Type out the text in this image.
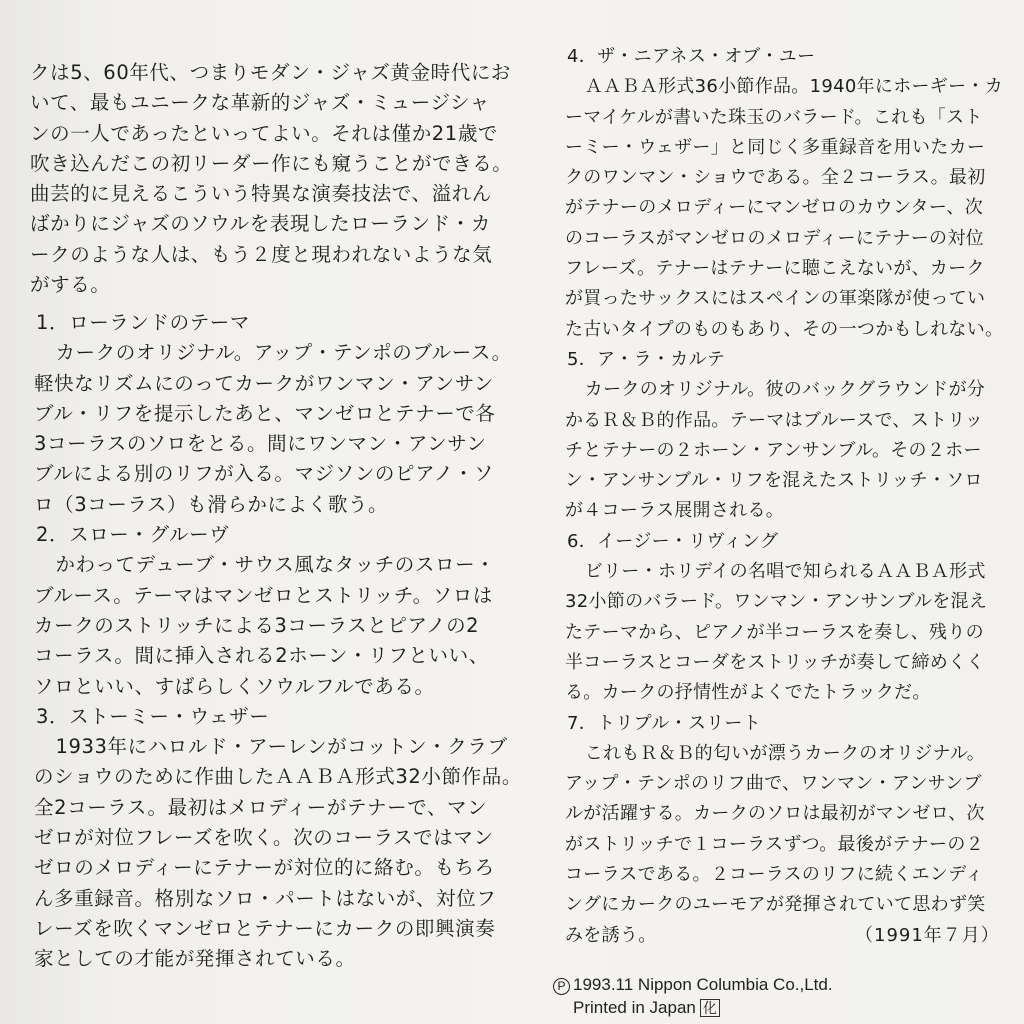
クは5、60年代、つまりモダン・ジャズ黄金時代にお
いて、最もユニークな革新的ジャズ・ミュージシャ
ンの一人であったといってよい。それは僅か21歳で
吹き込んだこの初リーダー作にも窺うことができる。
曲芸的に見えるこういう特異な演奏技法で、溢れん
ばかりにジャズのソウルを表現したローランド・カ
ークのような人は、もう２度と現われないような気
がする。
1．ローランドのテーマ
カークのオリジナル。アップ・テンポのブルース。
軽快なリズムにのってカークがワンマン・アンサン
ブル・リフを提示したあと、マンゼロとテナーで各
3コーラスのソロをとる。間にワンマン・アンサン
ブルによる別のリフが入る。マジソンのピアノ・ソ
ロ（3コーラス）も滑らかによく歌う。
2．スロー・グルーヴ
かわってデューブ・サウス風なタッチのスロー・
ブルース。テーマはマンゼロとストリッチ。ソロは
カークのストリッチによる3コーラスとピアノの2
コーラス。間に挿入される2ホーン・リフといい、
ソロといい、すばらしくソウルフルである。
3．ストーミー・ウェザー
1933年にハロルド・アーレンがコットン・クラブ
のショウのために作曲したＡＡＢＡ形式32小節作品。
全2コーラス。最初はメロディーがテナーで、マン
ゼロが対位フレーズを吹く。次のコーラスではマン
ゼロのメロディーにテナーが対位的に絡む。もちろ
ん多重録音。格別なソロ・パートはないが、対位フ
レーズを吹くマンゼロとテナーにカークの即興演奏
家としての才能が発揮されている。
4．ザ・ニアネス・オブ・ユー
ＡＡＢＡ形式36小節作品。1940年にホーギー・カ
ーマイケルが書いた珠玉のバラード。これも「スト
ーミー・ウェザー」と同じく多重録音を用いたカー
クのワンマン・ショウである。全２コーラス。最初
がテナーのメロディーにマンゼロのカウンター、次
のコーラスがマンゼロのメロディーにテナーの対位
フレーズ。テナーはテナーに聴こえないが、カーク
が買ったサックスにはスペインの軍楽隊が使ってい
た古いタイプのものもあり、その一つかもしれない。
5．ア・ラ・カルテ
カークのオリジナル。彼のバックグラウンドが分
かるＲ＆Ｂ的作品。テーマはブルースで、ストリッ
チとテナーの２ホーン・アンサンブル。その２ホー
ン・アンサンブル・リフを混えたストリッチ・ソロ
が４コーラス展開される。
6．イージー・リヴィング
ビリー・ホリデイの名唱で知られるＡＡＢＡ形式
32小節のバラード。ワンマン・アンサンブルを混え
たテーマから、ピアノが半コーラスを奏し、残りの
半コーラスとコーダをストリッチが奏して締めくく
る。カークの抒情性がよくでたトラックだ。
7．トリプル・スリート
これもＲ＆Ｂ的匂いが漂うカークのオリジナル。
アップ・テンポのリフ曲で、ワンマン・アンサンブ
ルが活躍する。カークのソロは最初がマンゼロ、次
がストリッチで１コーラスずつ。最後がテナーの２
コーラスである。２コーラスのリフに続くエンディ
ングにカークのユーモアが発揮されていて思わず笑
みを誘う。	（1991年７月）
P 1993.11 Nippon Columbia Co.,Ltd.
Printed in Japan 化
